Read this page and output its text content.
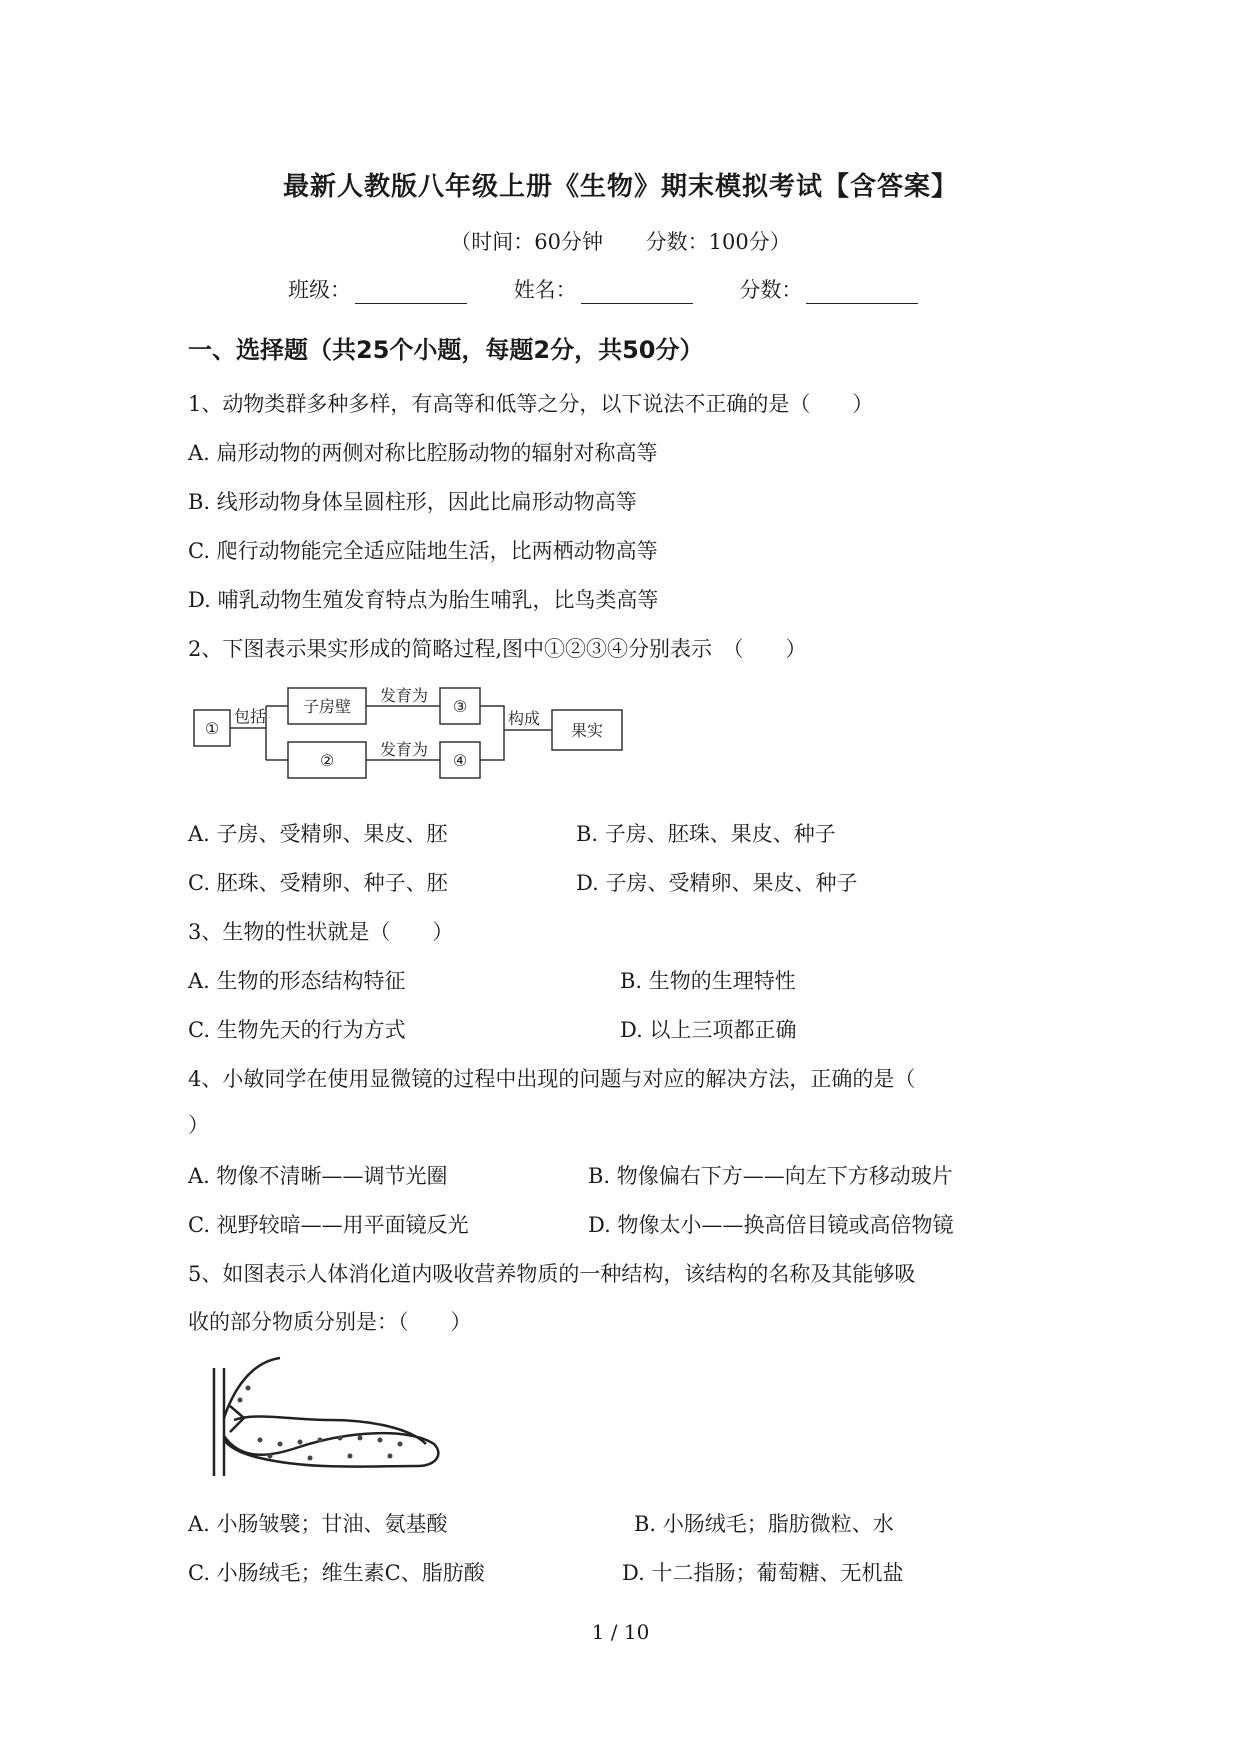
最新人教版八年级上册《生物》期末模拟考试【含答案】
（时间：60分钟 分数：100分）
班级：	姓名：	分数：
一、选择题（共25个小题，每题2分，共50分）
1、动物类群多种多样，有高等和低等之分，以下说法不正确的是（　　）
A. 扁形动物的两侧对称比腔肠动物的辐射对称高等
B. 线形动物身体呈圆柱形，因此比扁形动物高等
C. 爬行动物能完全适应陆地生活，比两栖动物高等
D. 哺乳动物生殖发育特点为胎生哺乳，比鸟类高等
2、下图表示果实形成的简略过程,图中①②③④分别表示　（　　）
①
包括
子房壁
②
发育为
发育为
③
④
构成
果实
A. 子房、受精卵、果皮、胚	B. 子房、胚珠、果皮、种子
C. 胚珠、受精卵、种子、胚	D. 子房、受精卵、果皮、种子
3、生物的性状就是（　　）
A. 生物的形态结构特征	B. 生物的生理特性
C. 生物先天的行为方式	D. 以上三项都正确
4、小敏同学在使用显微镜的过程中出现的问题与对应的解决方法，正确的是（
）
A. 物像不清晰——调节光圈	B. 物像偏右下方——向左下方移动玻片
C. 视野较暗——用平面镜反光	D. 物像太小——换高倍目镜或高倍物镜
5、如图表示人体消化道内吸收营养物质的一种结构，该结构的名称及其能够吸
收的部分物质分别是：（　　）
A. 小肠皱襞；甘油、氨基酸	B. 小肠绒毛；脂肪微粒、水
C. 小肠绒毛；维生素C、脂肪酸	D. 十二指肠；葡萄糖、无机盐
1 / 10
